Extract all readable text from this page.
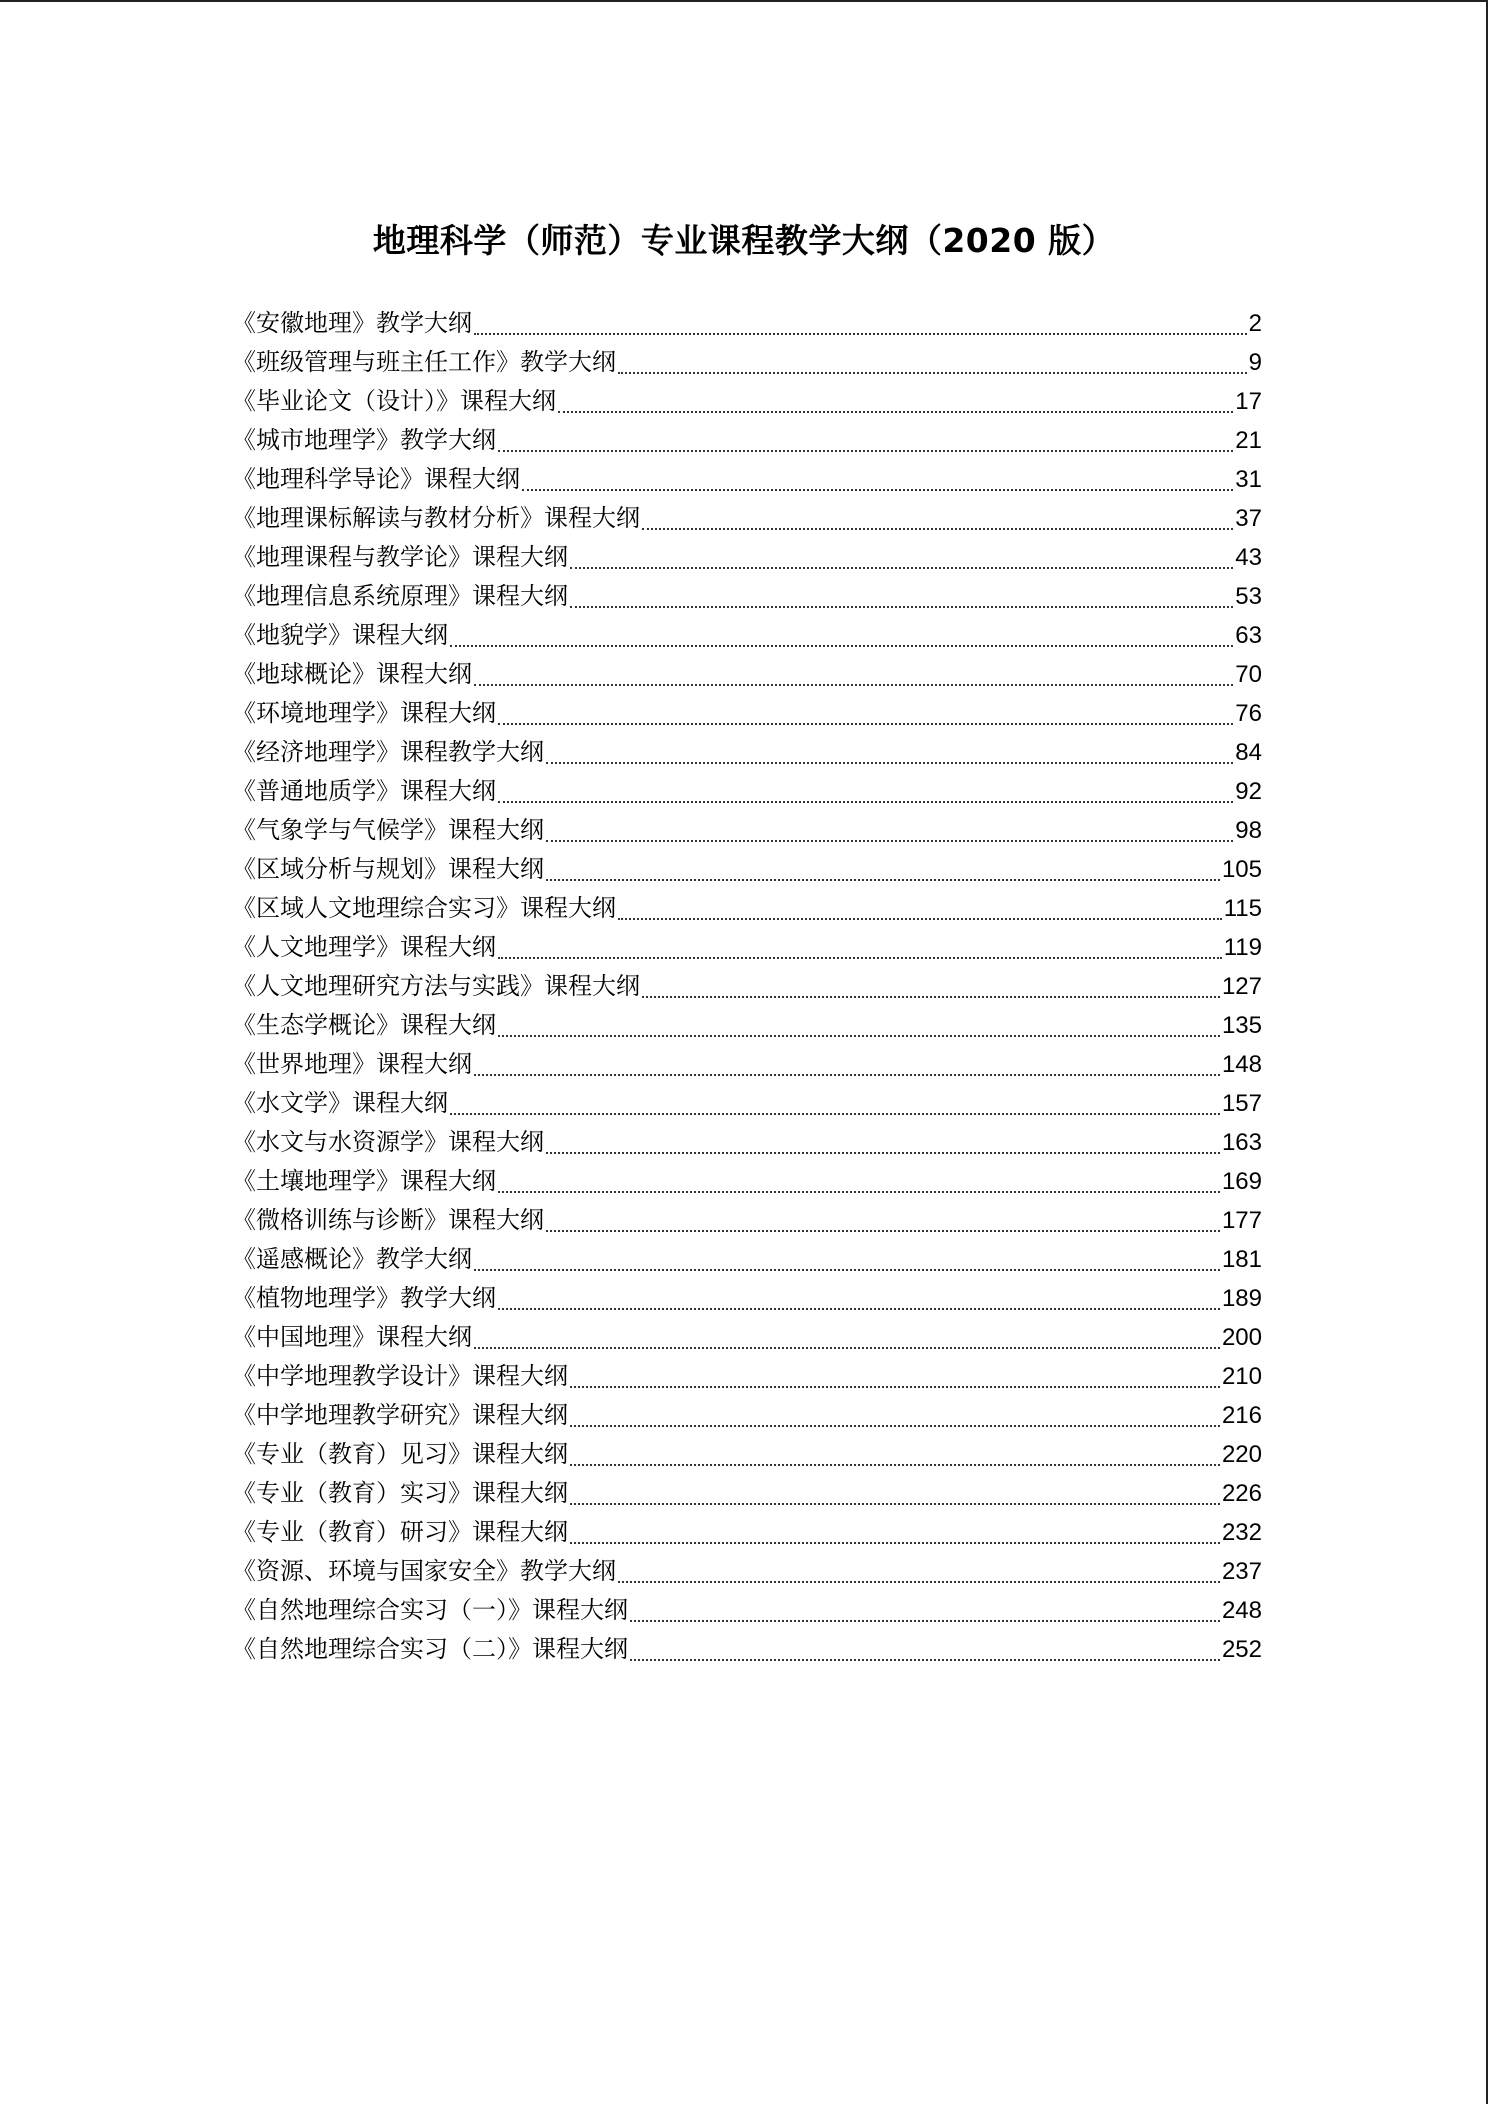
地理科学（师范）专业课程教学大纲（2020 版）
《安徽地理》教学大纲	2
《班级管理与班主任工作》教学大纲	9
《毕业论文（设计）》课程大纲	17
《城市地理学》教学大纲	21
《地理科学导论》课程大纲	31
《地理课标解读与教材分析》课程大纲	37
《地理课程与教学论》课程大纲	43
《地理信息系统原理》课程大纲	53
《地貌学》课程大纲	63
《地球概论》课程大纲	70
《环境地理学》课程大纲	76
《经济地理学》课程教学大纲	84
《普通地质学》课程大纲	92
《气象学与气候学》课程大纲	98
《区域分析与规划》课程大纲	105
《区域人文地理综合实习》课程大纲	115
《人文地理学》课程大纲	119
《人文地理研究方法与实践》课程大纲	127
《生态学概论》课程大纲	135
《世界地理》课程大纲	148
《水文学》课程大纲	157
《水文与水资源学》课程大纲	163
《土壤地理学》课程大纲	169
《微格训练与诊断》课程大纲	177
《遥感概论》教学大纲	181
《植物地理学》教学大纲	189
《中国地理》课程大纲	200
《中学地理教学设计》课程大纲	210
《中学地理教学研究》课程大纲	216
《专业（教育）见习》课程大纲	220
《专业（教育）实习》课程大纲	226
《专业（教育）研习》课程大纲	232
《资源、环境与国家安全》教学大纲	237
《自然地理综合实习（一）》课程大纲	248
《自然地理综合实习（二）》课程大纲	252
